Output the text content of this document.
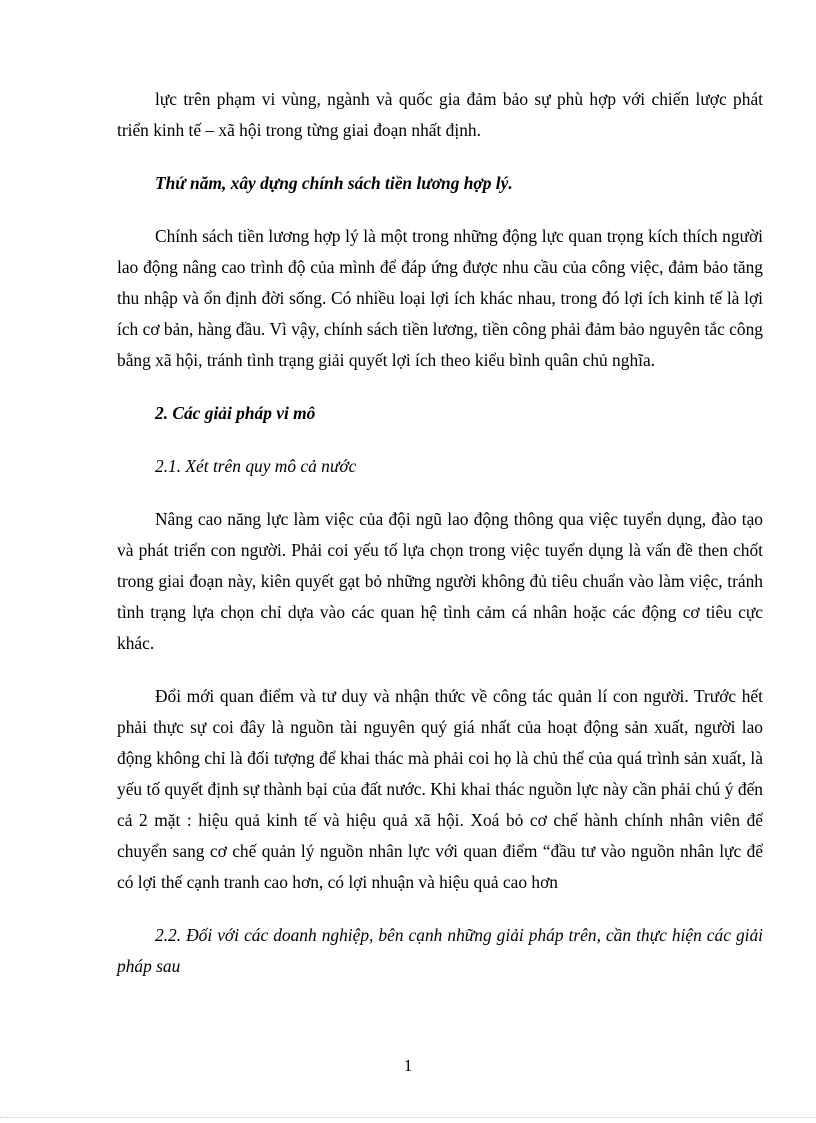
lực trên phạm vi vùng, ngành và quốc gia đảm bảo sự phù hợp với chiến lược phát triển kinh tế – xã hội trong từng giai đoạn nhất định.

Thứ năm, xây dựng chính sách tiền lương hợp lý.

Chính sách tiền lương hợp lý là một trong những động lực quan trọng kích thích người lao động nâng cao trình độ của mình để đáp ứng được nhu cầu của công việc, đảm bảo tăng thu nhập và ổn định đời sống. Có nhiều loại lợi ích khác nhau, trong đó lợi ích kinh tế là lợi ích cơ bản, hàng đầu. Vì vậy, chính sách tiền lương, tiền công phải đảm bảo nguyên tắc công bằng xã hội, tránh tình trạng giải quyết lợi ích theo kiểu bình quân chủ nghĩa.

2. Các giải pháp vi mô

2.1. Xét trên quy mô cả nước

Nâng cao năng lực làm việc của đội ngũ lao động thông qua việc tuyển dụng, đào tạo và phát triển con người. Phải coi yếu tố lựa chọn trong việc tuyển dụng là vấn đề then chốt trong giai đoạn này, kiên quyết gạt bỏ những người không đủ tiêu chuẩn vào làm việc, tránh tình trạng lựa chọn chỉ dựa vào các quan hệ tình cảm cá nhân hoặc các động cơ tiêu cực khác.

Đổi mới quan điểm và tư duy và nhận thức về công tác quản lí con người. Trước hết phải thực sự coi đây là nguồn tài nguyên quý giá nhất của hoạt động sản xuất, người lao động không chỉ là đối tượng để khai thác mà phải coi họ là chủ thể của quá trình sản xuất, là yếu tố quyết định sự thành bại của đất nước. Khi khai thác nguồn lực này cần phải chú ý đến cả 2 mặt : hiệu quả kinh tế và hiệu quả xã hội. Xoá bỏ cơ chế hành chính nhân viên để chuyển sang cơ chế quản lý nguồn nhân lực với quan điểm “đầu tư vào nguồn nhân lực để có lợi thế cạnh tranh cao hơn, có lợi nhuận và hiệu quả cao hơn

2.2. Đối với các doanh nghiệp, bên cạnh những giải pháp trên, cần thực hiện các giải pháp sau

1
